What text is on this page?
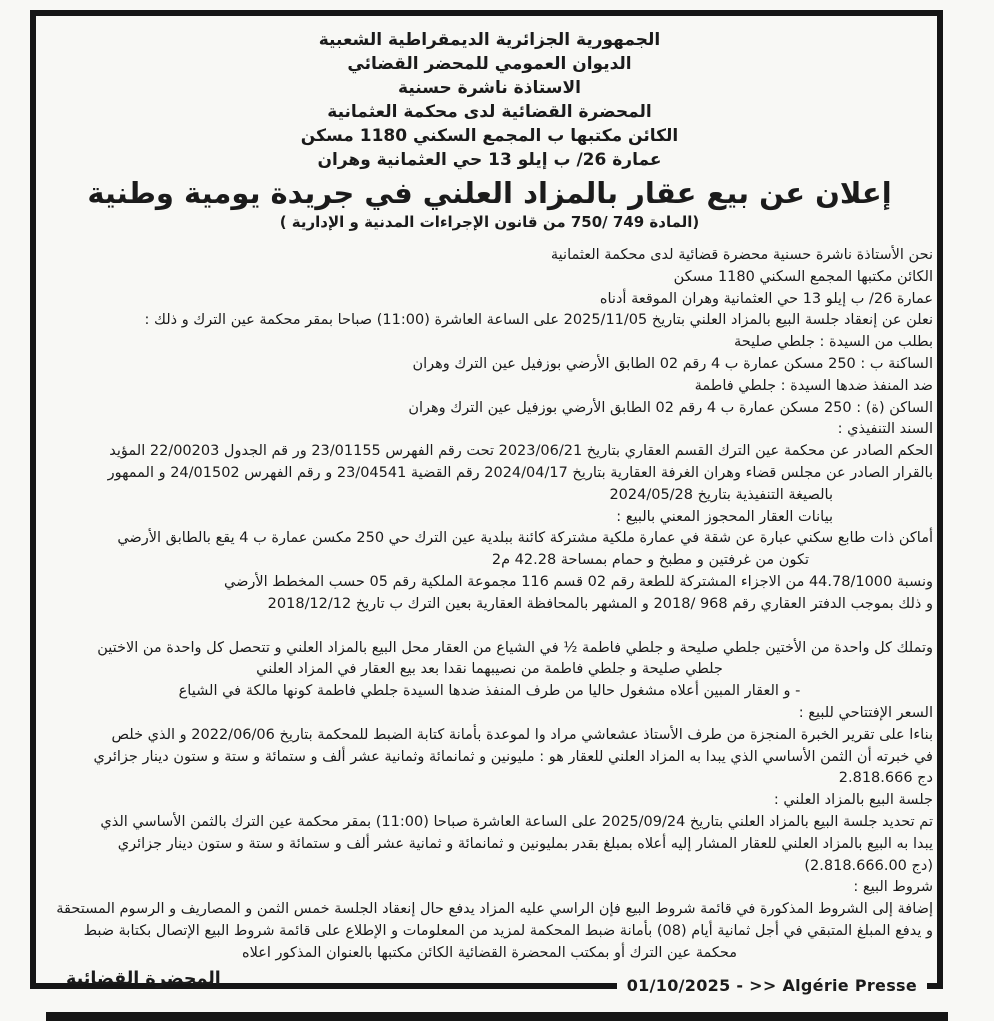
الجمهورية الجزائرية الديمقراطية الشعبية
الديوان العمومي للمحضر القضائي
الاستاذة ناشرة حسنية
المحضرة القضائية لدى محكمة العثمانية
الكائن مكتبها ب المجمع السكني 1180 مسكن
عمارة 26/ ب إيلو 13 حي العثمانية وهران
إعلان عن بيع عقار بالمزاد العلني في جريدة يومية وطنية
(المادة 749 /750 من قانون الإجراءات المدنية و الإدارية )
نحن الأستاذة ناشرة حسنية محضرة قضائية لدى محكمة العثمانية
الكائن مكتبها المجمع السكني 1180 مسكن
عمارة 26/ ب إيلو 13 حي العثمانية وهران الموقعة أدناه
نعلن عن إنعقاد جلسة البيع بالمزاد العلني بتاريخ 2025/11/05 على الساعة العاشرة (11:00) صباحا بمقر محكمة عين الترك و ذلك :
بطلب من السيدة : جلطي صليحة
الساكنة ب : 250 مسكن عمارة ب 4 رقم 02 الطابق الأرضي بوزفيل عين الترك وهران
ضد المنفذ ضدها السيدة : جلطي فاطمة
الساكن (ة) : 250 مسكن عمارة ب 4 رقم 02 الطابق الأرضي بوزفيل عين الترك وهران
السند التنفيذي :
الحكم الصادر عن محكمة عين الترك القسم العقاري بتاريخ 2023/06/21 تحت رقم الفهرس 23/01155 ور قم الجدول 22/00203 المؤيد
بالقرار الصادر عن مجلس قضاء وهران الغرفة العقارية بتاريخ 2024/04/17 رقم القضية 23/04541 و رقم الفهرس 24/01502 و الممهور
بالصيغة التنفيذية بتاريخ 2024/05/28
بيانات العقار المحجوز المعني بالبيع :
أماكن ذات طابع سكني عبارة عن شقة في عمارة ملكية مشتركة كائنة ببلدية عين الترك حي 250 مكسن عمارة ب 4 يقع بالطابق الأرضي
تكون من غرفتين و مطبخ و حمام بمساحة 42.28 م2
ونسبة 44.78/1000 من الاجزاء المشتركة للطعة رقم 02 قسم 116 مجموعة الملكية رقم 05 حسب المخطط الأرضي
و ذلك بموجب الدفتر العقاري رقم 968 /2018 و المشهر بالمحافظة العقارية بعين الترك ب تاريخ 2018/12/12
وتملك كل واحدة من الأختين جلطي صليحة و جلطي فاطمة ½ في الشياع من العقار محل البيع بالمزاد العلني و تتحصل كل واحدة من الاختين
جلطي صليحة و جلطي فاطمة من نصيبهما نقدا بعد بيع العقار في المزاد العلني
- و العقار المبين أعلاه مشغول حاليا من طرف المنفذ ضدها السيدة جلطي فاطمة كونها مالكة في الشياع
السعر الإفتتاحي للبيع :
بناءا على تقرير الخبرة المنجزة من طرف الأستاذ عشعاشي مراد وا لموعدة بأمانة كتابة الضبط للمحكمة بتاريخ 2022/06/06 و الذي خلص
في خبرته أن الثمن الأساسي الذي يبدا به المزاد العلني للعقار هو : مليونين و ثمانمائة وثمانية عشر ألف و ستمائة و ستة و ستون دينار جزائري
دج 2.818.666
جلسة البيع بالمزاد العلني :
تم تحديد جلسة البيع بالمزاد العلني بتاريخ 2025/09/24 على الساعة العاشرة صباحا (11:00) بمقر محكمة عين الترك بالثمن الأساسي الذي
يبدا به البيع بالمزاد العلني للعقار المشار إليه أعلاه بمبلغ بقدر بمليونين و ثمانمائة و ثمانية عشر ألف و ستمائة و ستة و ستون دينار جزائري
(دج 2.818.666.00)
شروط البيع :
إضافة إلى الشروط المذكورة في قائمة شروط البيع فإن الراسي عليه المزاد يدفع حال إنعقاد الجلسة خمس الثمن و المصاريف و الرسوم المستحقة
و يدفع المبلغ المتبقي في أجل ثمانية أيام (08) بأمانة ضبط المحكمة لمزيد من المعلومات و الإطلاع على قائمة شروط البيع الإتصال بكتابة ضبط
محكمة عين الترك أو بمكتب المحضرة القضائية الكائن مكتبها بالعنوان المذكور اعلاه
المحضرة القضائية	01/10/2025 - >> Algérie Presse
